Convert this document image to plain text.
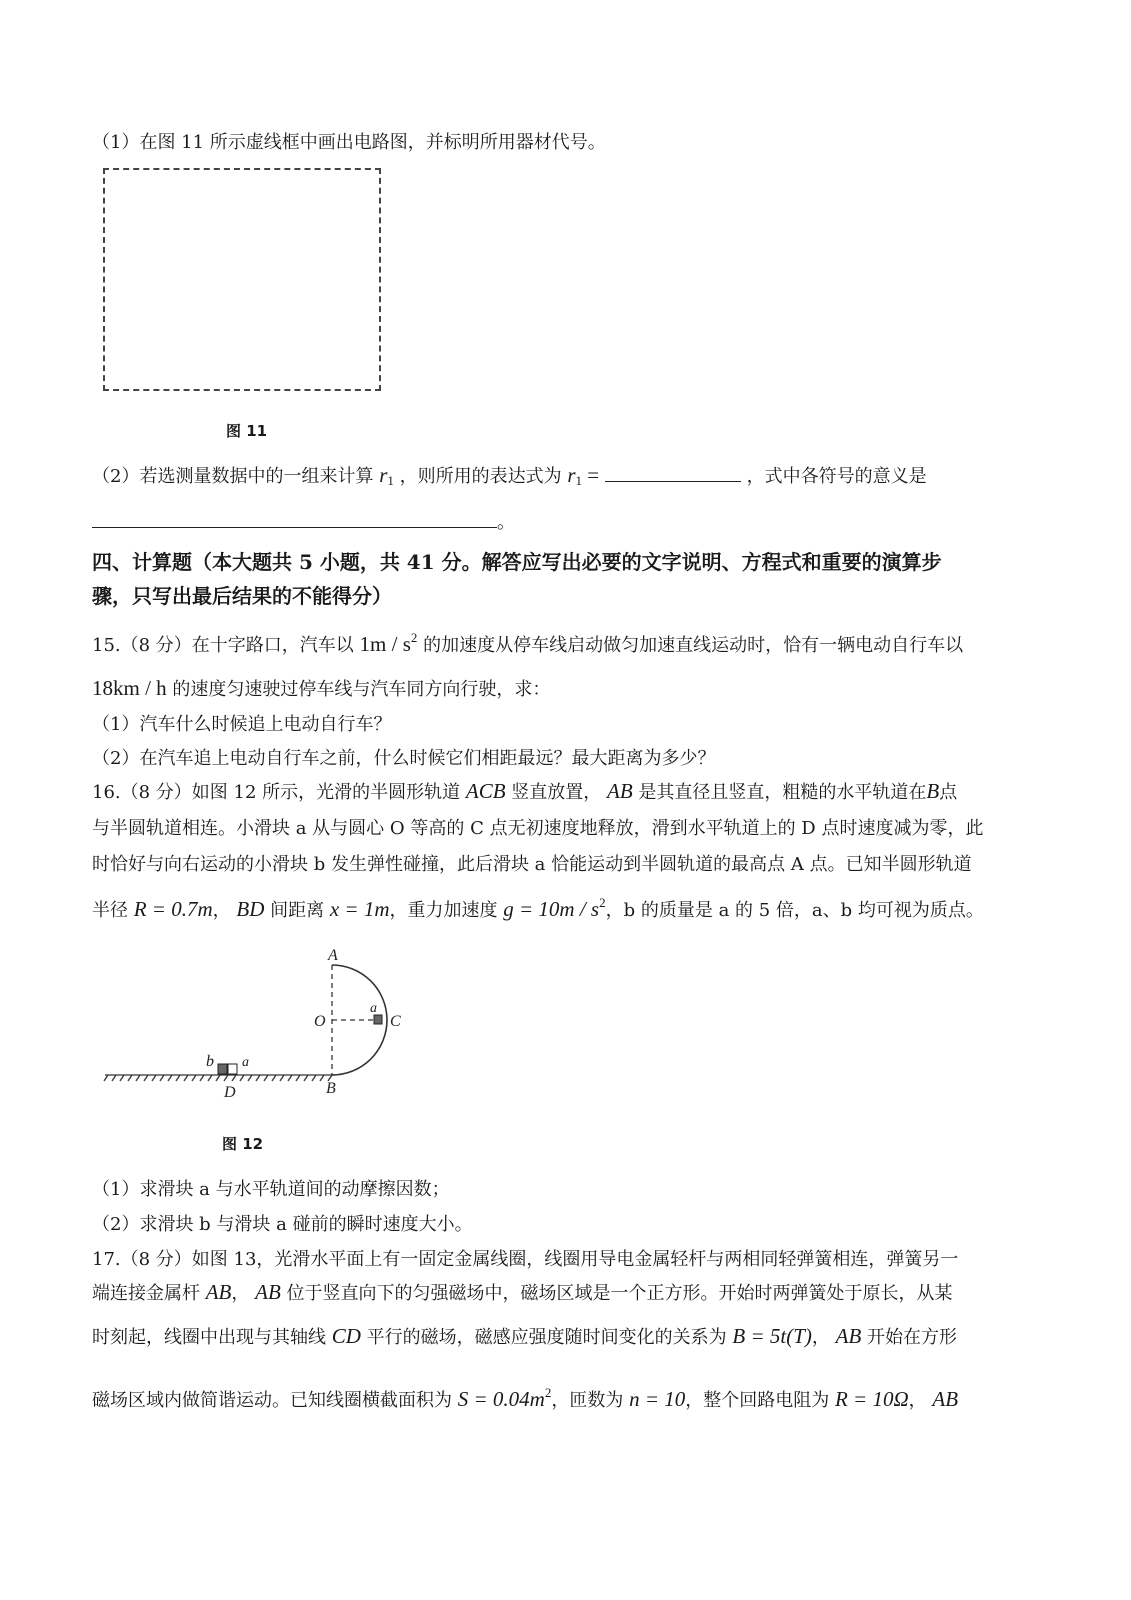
（1）在图 11 所示虚线框中画出电路图，并标明所用器材代号。
图 11
（2）若选测量数据中的一组来计算 $r_1$ ，则所用的表达式为 $r_1$ =	，式中各符号的意义是
。
四、计算题（本大题共 5 小题，共 41 分。解答应写出必要的文字说明、方程式和重要的演算步
骤，只写出最后结果的不能得分）
15.（8 分）在十字路口，汽车以 $1m / s^2$ 的加速度从停车线启动做匀加速直线运动时，恰有一辆电动自行车以
18km / h 的速度匀速驶过停车线与汽车同方向行驶，求：
（1）汽车什么时候追上电动自行车？
（2）在汽车追上电动自行车之前，什么时候它们相距最远？最大距离为多少？
16.（8 分）如图 12 所示，光滑的半圆形轨道 ACB 竖直放置， AB 是其直径且竖直，粗糙的水平轨道在B点
与半圆轨道相连。小滑块 a 从与圆心 O 等高的 C 点无初速度地释放，滑到水平轨道上的 D 点时速度减为零，此
时恰好与向右运动的小滑块 b 发生弹性碰撞，此后滑块 a 恰能运动到半圆轨道的最高点 A 点。已知半圆形轨道
半径 R = 0.7m， BD 间距离 x = 1m，重力加速度 $g = 10m / s^2$，b 的质量是 a 的 5 倍，a、b 均可视为质点。
A
O	C
a
B
D
b a
图 12
（1）求滑块 a 与水平轨道间的动摩擦因数；
（2）求滑块 b 与滑块 a 碰前的瞬时速度大小。
17.（8 分）如图 13，光滑水平面上有一固定金属线圈，线圈用导电金属轻杆与两相同轻弹簧相连，弹簧另一
端连接金属杆 AB， AB 位于竖直向下的匀强磁场中，磁场区域是一个正方形。开始时两弹簧处于原长，从某
时刻起，线圈中出现与其轴线 CD 平行的磁场，磁感应强度随时间变化的关系为 B = 5t(T)， AB 开始在方形
磁场区域内做简谐运动。已知线圈横截面积为 $S = 0.04m^2$，匝数为 n = 10，整个回路电阻为 R = 10Ω， AB
